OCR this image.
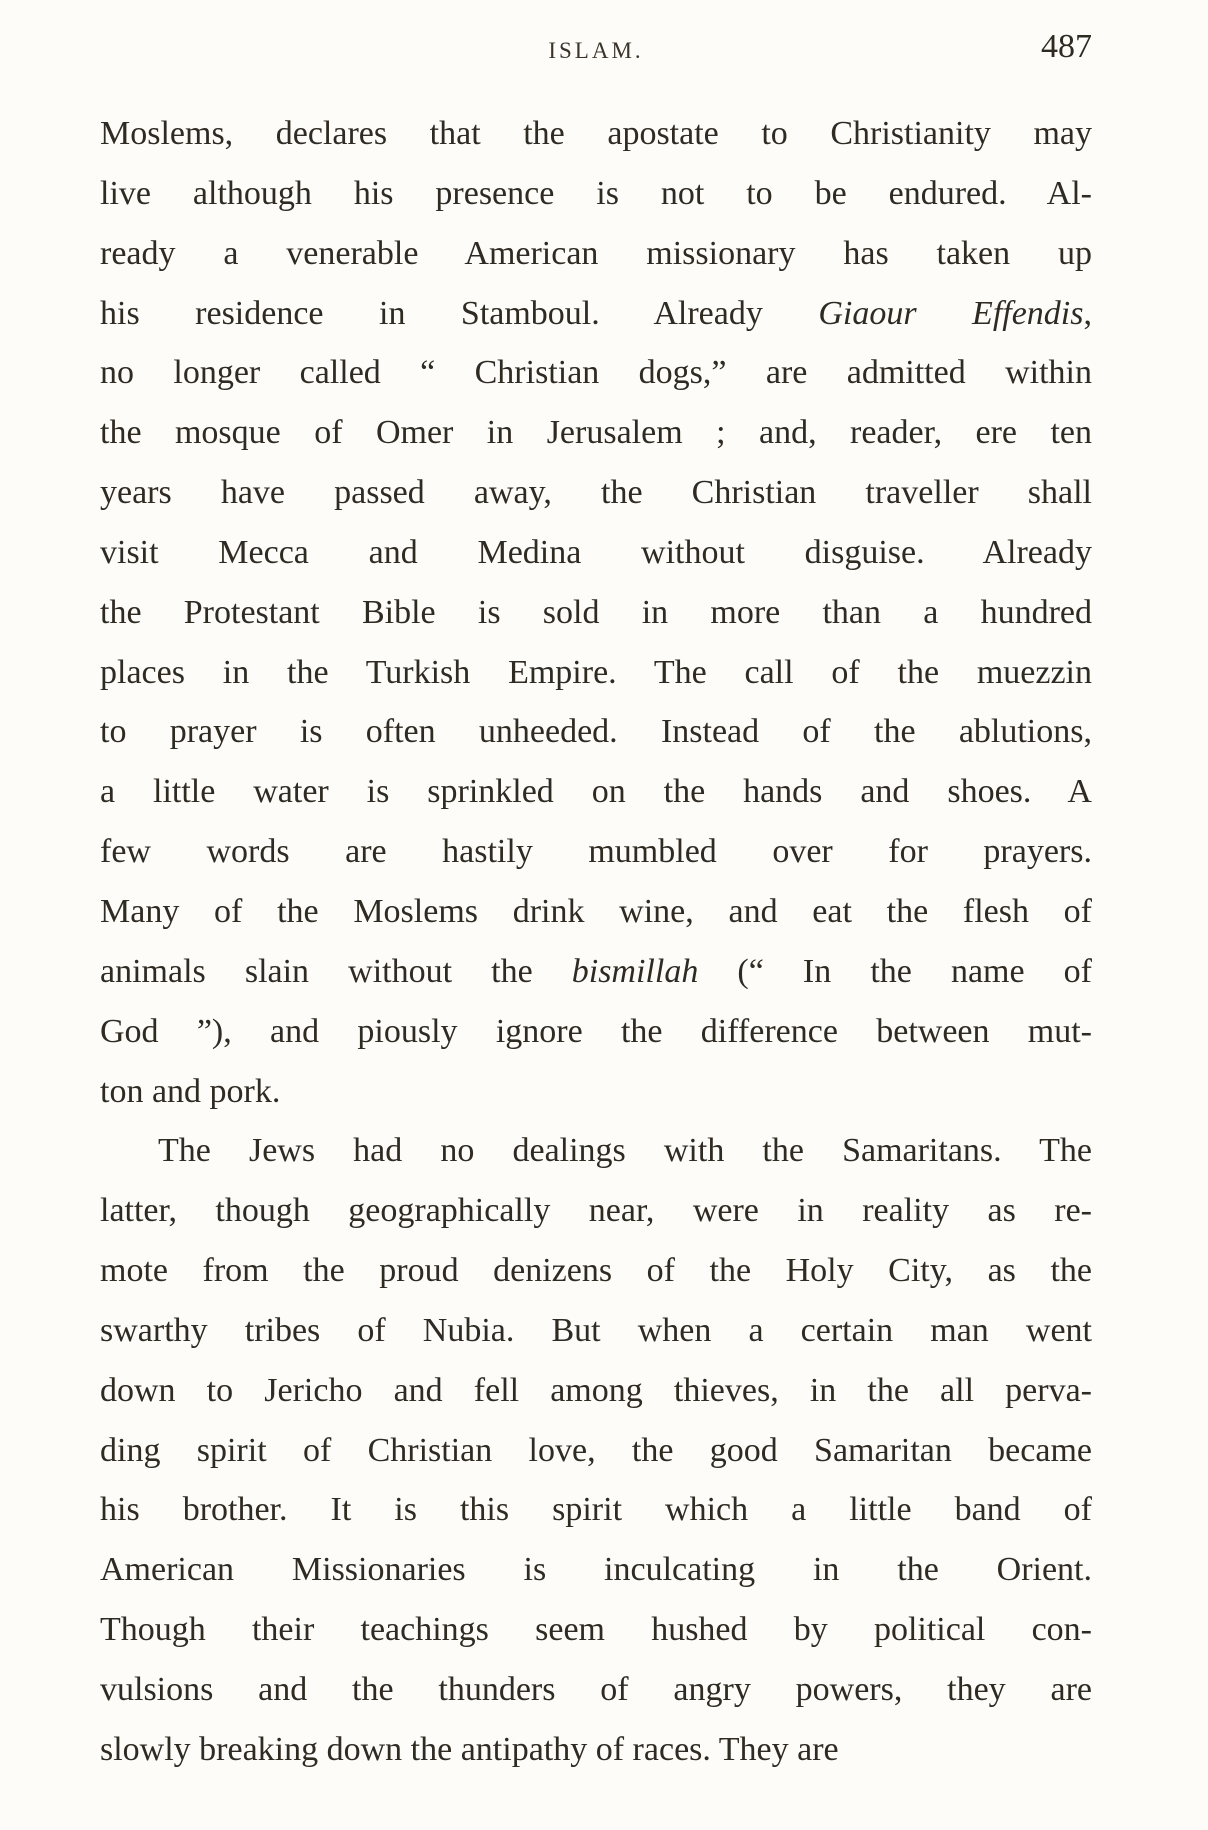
ISLAM.	487
Moslems, declares that the apostate to Christianity may
live although his presence is not to be endured. Al-
ready a venerable American missionary has taken up
his residence in Stamboul. Already Giaour Effendis,
no longer called “ Christian dogs,” are admitted within
the mosque of Omer in Jerusalem ; and, reader, ere ten
years have passed away, the Christian traveller shall
visit Mecca and Medina without disguise. Already
the Protestant Bible is sold in more than a hundred
places in the Turkish Empire. The call of the muezzin
to prayer is often unheeded. Instead of the ablutions,
a little water is sprinkled on the hands and shoes. A
few words are hastily mumbled over for prayers.
Many of the Moslems drink wine, and eat the flesh of
animals slain without the bismillah (“ In the name of
God ”), and piously ignore the difference between mut-
ton and pork.
The Jews had no dealings with the Samaritans. The
latter, though geographically near, were in reality as re-
mote from the proud denizens of the Holy City, as the
swarthy tribes of Nubia. But when a certain man went
down to Jericho and fell among thieves, in the all perva-
ding spirit of Christian love, the good Samaritan became
his brother. It is this spirit which a little band of
American Missionaries is inculcating in the Orient.
Though their teachings seem hushed by political con-
vulsions and the thunders of angry powers, they are
slowly breaking down the antipathy of races. They are
